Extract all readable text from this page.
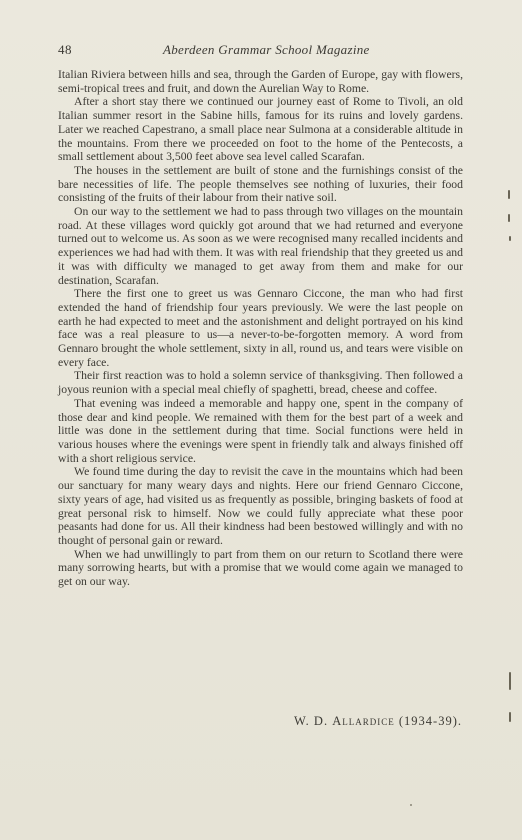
48	Aberdeen Grammar School Magazine

Italian Riviera between hills and sea, through the Garden of Europe, gay with flowers, semi-tropical trees and fruit, and down the Aurelian Way to Rome.

After a short stay there we continued our journey east of Rome to Tivoli, an old Italian summer resort in the Sabine hills, famous for its ruins and lovely gardens. Later we reached Capestrano, a small place near Sulmona at a considerable altitude in the mountains. From there we proceeded on foot to the home of the Pentecosts, a small settlement about 3,500 feet above sea level called Scarafan.

The houses in the settlement are built of stone and the furnishings consist of the bare necessities of life. The people themselves see nothing of luxuries, their food consisting of the fruits of their labour from their native soil.

On our way to the settlement we had to pass through two villages on the mountain road. At these villages word quickly got around that we had returned and everyone turned out to welcome us. As soon as we were recognised many recalled incidents and experiences we had had with them. It was with real friendship that they greeted us and it was with difficulty we managed to get away from them and make for our destination, Scarafan.

There the first one to greet us was Gennaro Ciccone, the man who had first extended the hand of friendship four years previously. We were the last people on earth he had expected to meet and the astonishment and delight portrayed on his kind face was a real pleasure to us—a never-to-be-forgotten memory. A word from Gennaro brought the whole settlement, sixty in all, round us, and tears were visible on every face.

Their first reaction was to hold a solemn service of thanksgiving. Then followed a joyous reunion with a special meal chiefly of spaghetti, bread, cheese and coffee.

That evening was indeed a memorable and happy one, spent in the company of those dear and kind people. We remained with them for the best part of a week and little was done in the settlement during that time. Social functions were held in various houses where the evenings were spent in friendly talk and always finished off with a short religious service.

We found time during the day to revisit the cave in the mountains which had been our sanctuary for many weary days and nights. Here our friend Gennaro Ciccone, sixty years of age, had visited us as frequently as possible, bringing baskets of food at great personal risk to himself. Now we could fully appreciate what these poor peasants had done for us. All their kindness had been bestowed willingly and with no thought of personal gain or reward.

When we had unwillingly to part from them on our return to Scotland there were many sorrowing hearts, but with a promise that we would come again we managed to get on our way.

W. D. Allardice (1934-39).
